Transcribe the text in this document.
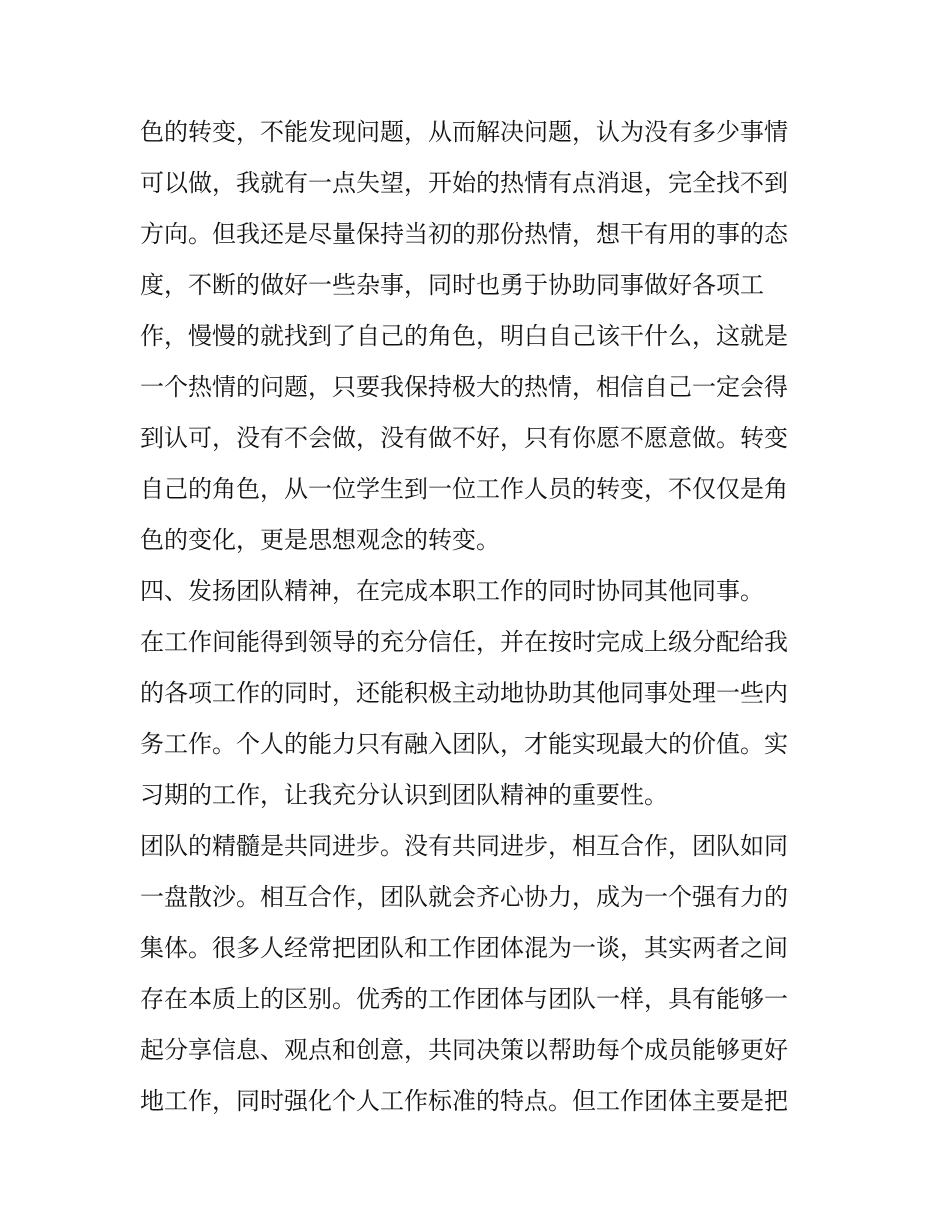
色的转变，不能发现问题，从而解决问题，认为没有多少事情
可以做，我就有一点失望，开始的热情有点消退，完全找不到
方向。但我还是尽量保持当初的那份热情，想干有用的事的态
度，不断的做好一些杂事，同时也勇于协助同事做好各项工
作，慢慢的就找到了自己的角色，明白自己该干什么，这就是
一个热情的问题，只要我保持极大的热情，相信自己一定会得
到认可，没有不会做，没有做不好，只有你愿不愿意做。转变
自己的角色，从一位学生到一位工作人员的转变，不仅仅是角
色的变化，更是思想观念的转变。
四、发扬团队精神，在完成本职工作的同时协同其他同事。
在工作间能得到领导的充分信任，并在按时完成上级分配给我
的各项工作的同时，还能积极主动地协助其他同事处理一些内
务工作。个人的能力只有融入团队，才能实现最大的价值。实
习期的工作，让我充分认识到团队精神的重要性。
团队的精髓是共同进步。没有共同进步，相互合作，团队如同
一盘散沙。相互合作，团队就会齐心协力，成为一个强有力的
集体。很多人经常把团队和工作团体混为一谈，其实两者之间
存在本质上的区别。优秀的工作团体与团队一样，具有能够一
起分享信息、观点和创意，共同决策以帮助每个成员能够更好
地工作，同时强化个人工作标准的特点。但工作团体主要是把
